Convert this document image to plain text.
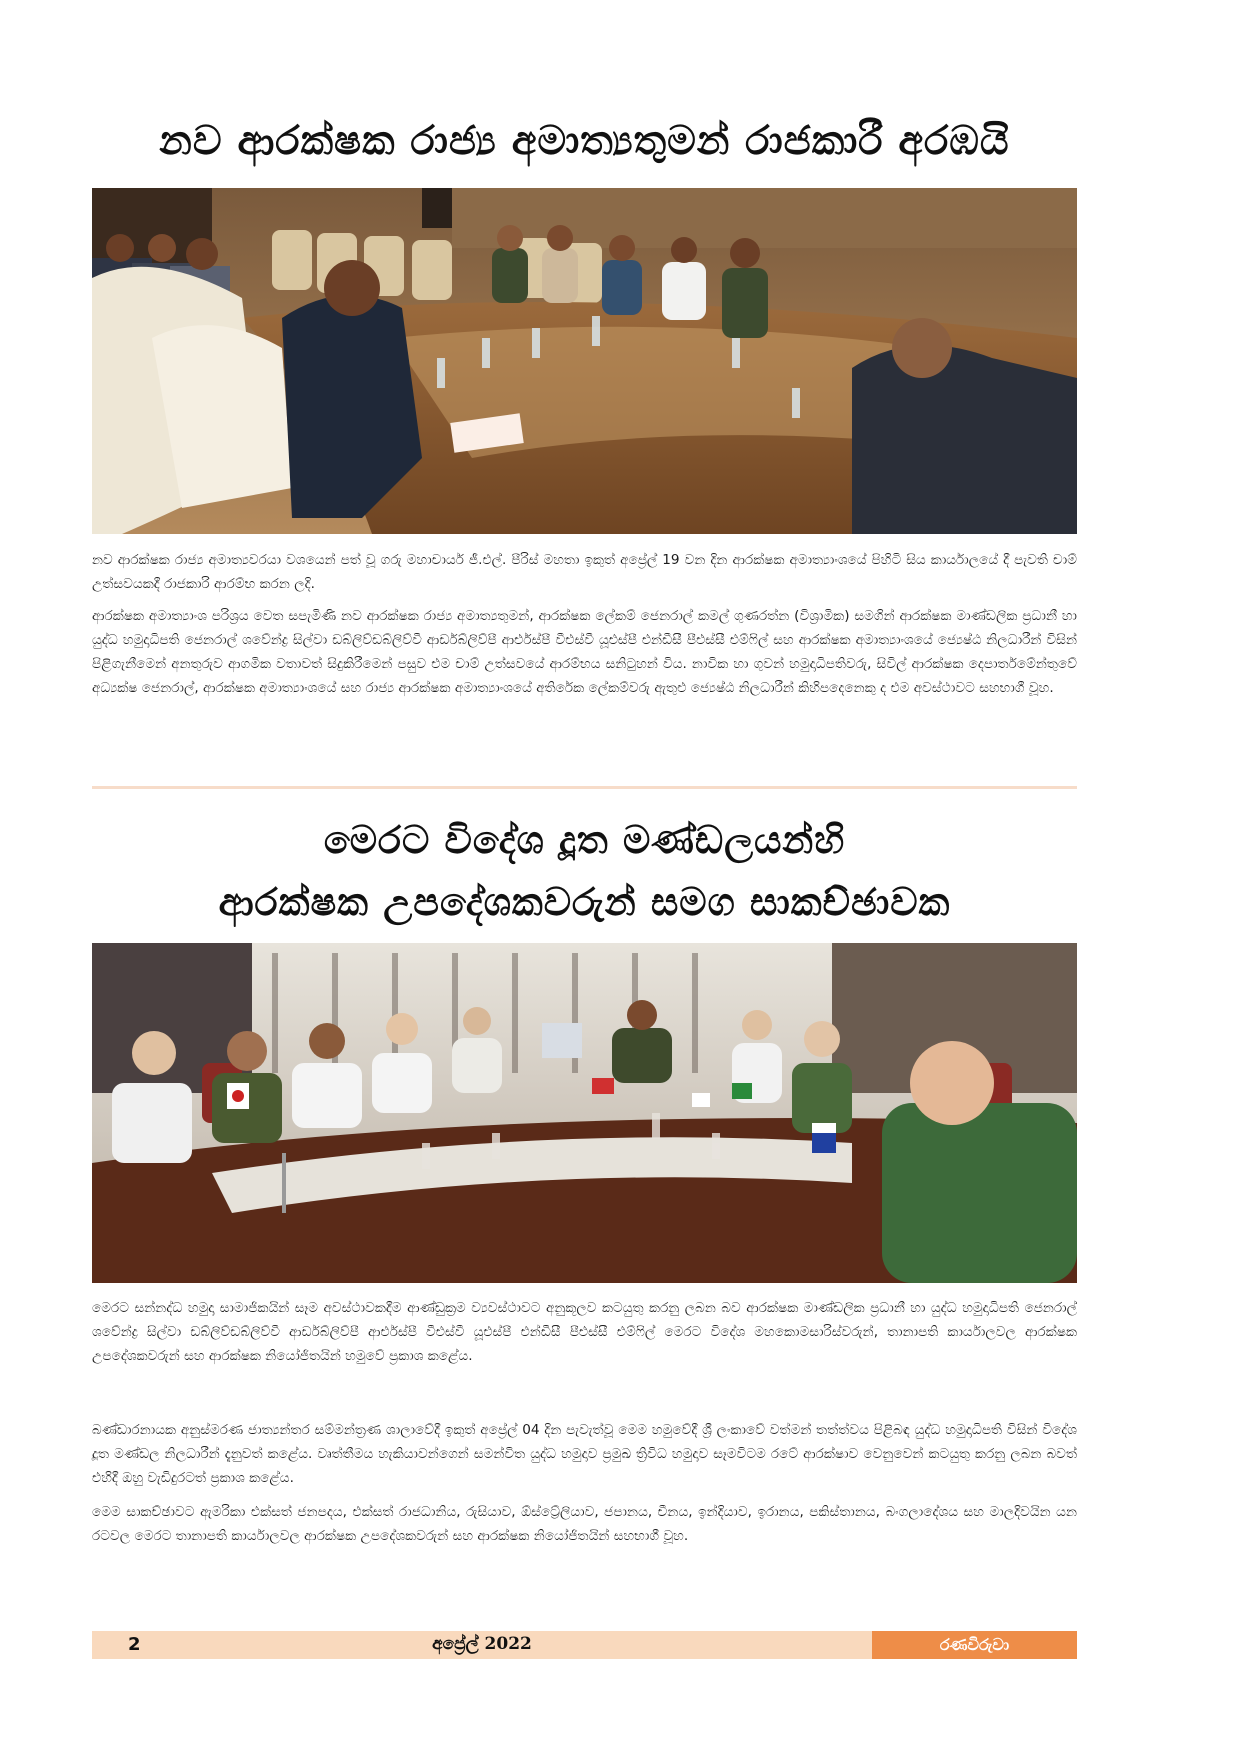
නව ආරක්ෂක රාජ්‍ය අමාත්‍යතුමන් රාජකාරී අරඹයි

නව ආරක්ෂක රාජ්‍ය අමාත්‍යවරයා වශයෙන් පත් වූ ගරු මහාචාර්ය ජී.එල්. පීරිස් මහතා ඉකුත් අප්‍රේල් 19 වන දින ආරක්ෂක අමාත්‍යාංශයේ පිහිටි සිය කාර්යාලයේ දී පැවති චාම් උත්සවයකදී රාජකාරි ආරම්භ කරන ලදි.

ආරක්ෂක අමාත්‍යාංශ පරිශ්‍රය වෙත සපැමිණි නව ආරක්ෂක රාජ්‍ය අමාත්‍යතුමන්, ආරක්ෂක ලේකම් ජෙනරාල් කමල් ගුණරත්න (විශ්‍රාමික) සමගින් ආරක්ෂක මාණ්ඩලික ප්‍රධානී හා යුද්ධ හමුදාධිපති ජෙනරාල් ශවේන්ද්‍ර සිල්වා ඩබ්ලිව්ඩබ්ලිව්වී ආර්ඩබ්ලිව්පී ආර්එස්පී වීඑස්වී යූඑස්පී එන්ඩීසී පීඑස්සී එම්ෆිල් සහ ආරක්ෂක අමාත්‍යාංශයේ ජ්‍යෙෂ්ඨ නිලධාරීන් විසින් පිළිගැනීමෙන් අනතුරුව ආගමික වතාවත් සිදුකිරීමෙන් පසුව එම චාම් උත්සවයේ ආරම්භය සනිටුහන් විය. නාවික හා ගුවන් හමුදාධිපතිවරු, සිවිල් ආරක්ෂක දෙපාර්තමේන්තුවේ අධ්‍යක්ෂ ජෙනරාල්, ආරක්ෂක අමාත්‍යාංශයේ සහ රාජ්‍ය ආරක්ෂක අමාත්‍යාංශයේ අතිරේක ලේකම්වරු ඇතුළු ජ්‍යෙෂ්ඨ නිලධාරීන් කිහිපදෙනෙකු ද එම අවස්ථාවට සහභාගී වූහ.

මෙරට විදේශ දූත මණ්ඩලයන්හි
ආරක්ෂක උපදේශකවරුන් සමග සාකච්ඡාවක

මෙරට සන්නද්ධ හමුදා සාමාජිකයින් සෑම අවස්ථාවකදීම ආණ්ඩුක්‍රම ව්‍යවස්ථාවට අනුකූලව කටයුතු කරනු ලබන බව ආරක්ෂක මාණ්ඩලික ප්‍රධානී හා යුද්ධ හමුදාධිපති ජෙනරාල් ශවේන්ද්‍ර සිල්වා ඩබ්ලිව්ඩබ්ලිව්වී ආර්ඩබ්ලිව්පී ආර්එස්පී වීඑස්වී යූඑස්පී එන්ඩීසී පීඑස්සී එම්ෆිල් මෙරට විදේශ මහකොමසාරිස්වරුන්, තානාපති කාර්යාලවල ආරක්ෂක උපදේශකවරුන් සහ ආරක්ෂක නියෝජිතයින් හමුවේ ප්‍රකාශ කළේය.

බණ්ඩාරනායක අනුස්මරණ ජාත්‍යන්තර සම්මන්ත්‍රණ ශාලාවේදී ඉකුත් අප්‍රේල් 04 දින පැවැත්වූ මෙම හමුවේදී ශ්‍රී ලංකාවේ වත්මන් තත්ත්වය පිළිබඳ යුද්ධ හමුදාධිපති විසින් විදේශ දූත මණ්ඩල නිලධාරීන් දැනුවත් කළේය. වෘත්තීමය හැකියාවන්ගෙන් සමන්විත යුද්ධ හමුදාව ප්‍රමුඛ ත්‍රිවිධ හමුදාව සෑමවිටම රටේ ආරක්ෂාව වෙනුවෙන් කටයුතු කරනු ලබන බවත් එහිදී ඔහු වැඩිදුරටත් ප්‍රකාශ කළේය.

මෙම සාකච්ඡාවට ඇමරිකා එක්සත් ජනපදය, එක්සත් රාජධානිය, රුසියාව, ඕස්ට්‍රේලියාව, ජපානය, චීනය, ඉන්දියාව, ඉරානය, පකිස්තානය, බංගලාදේශය සහ මාලදිවයින යන රටවල මෙරට තානාපති කාර්යාලවල ආරක්ෂක උපදේශකවරුන් සහ ආරක්ෂක නියෝජිතයින් සහභාගී වූහ.

2	අප්‍රේල් 2022	රණවිරුවා
